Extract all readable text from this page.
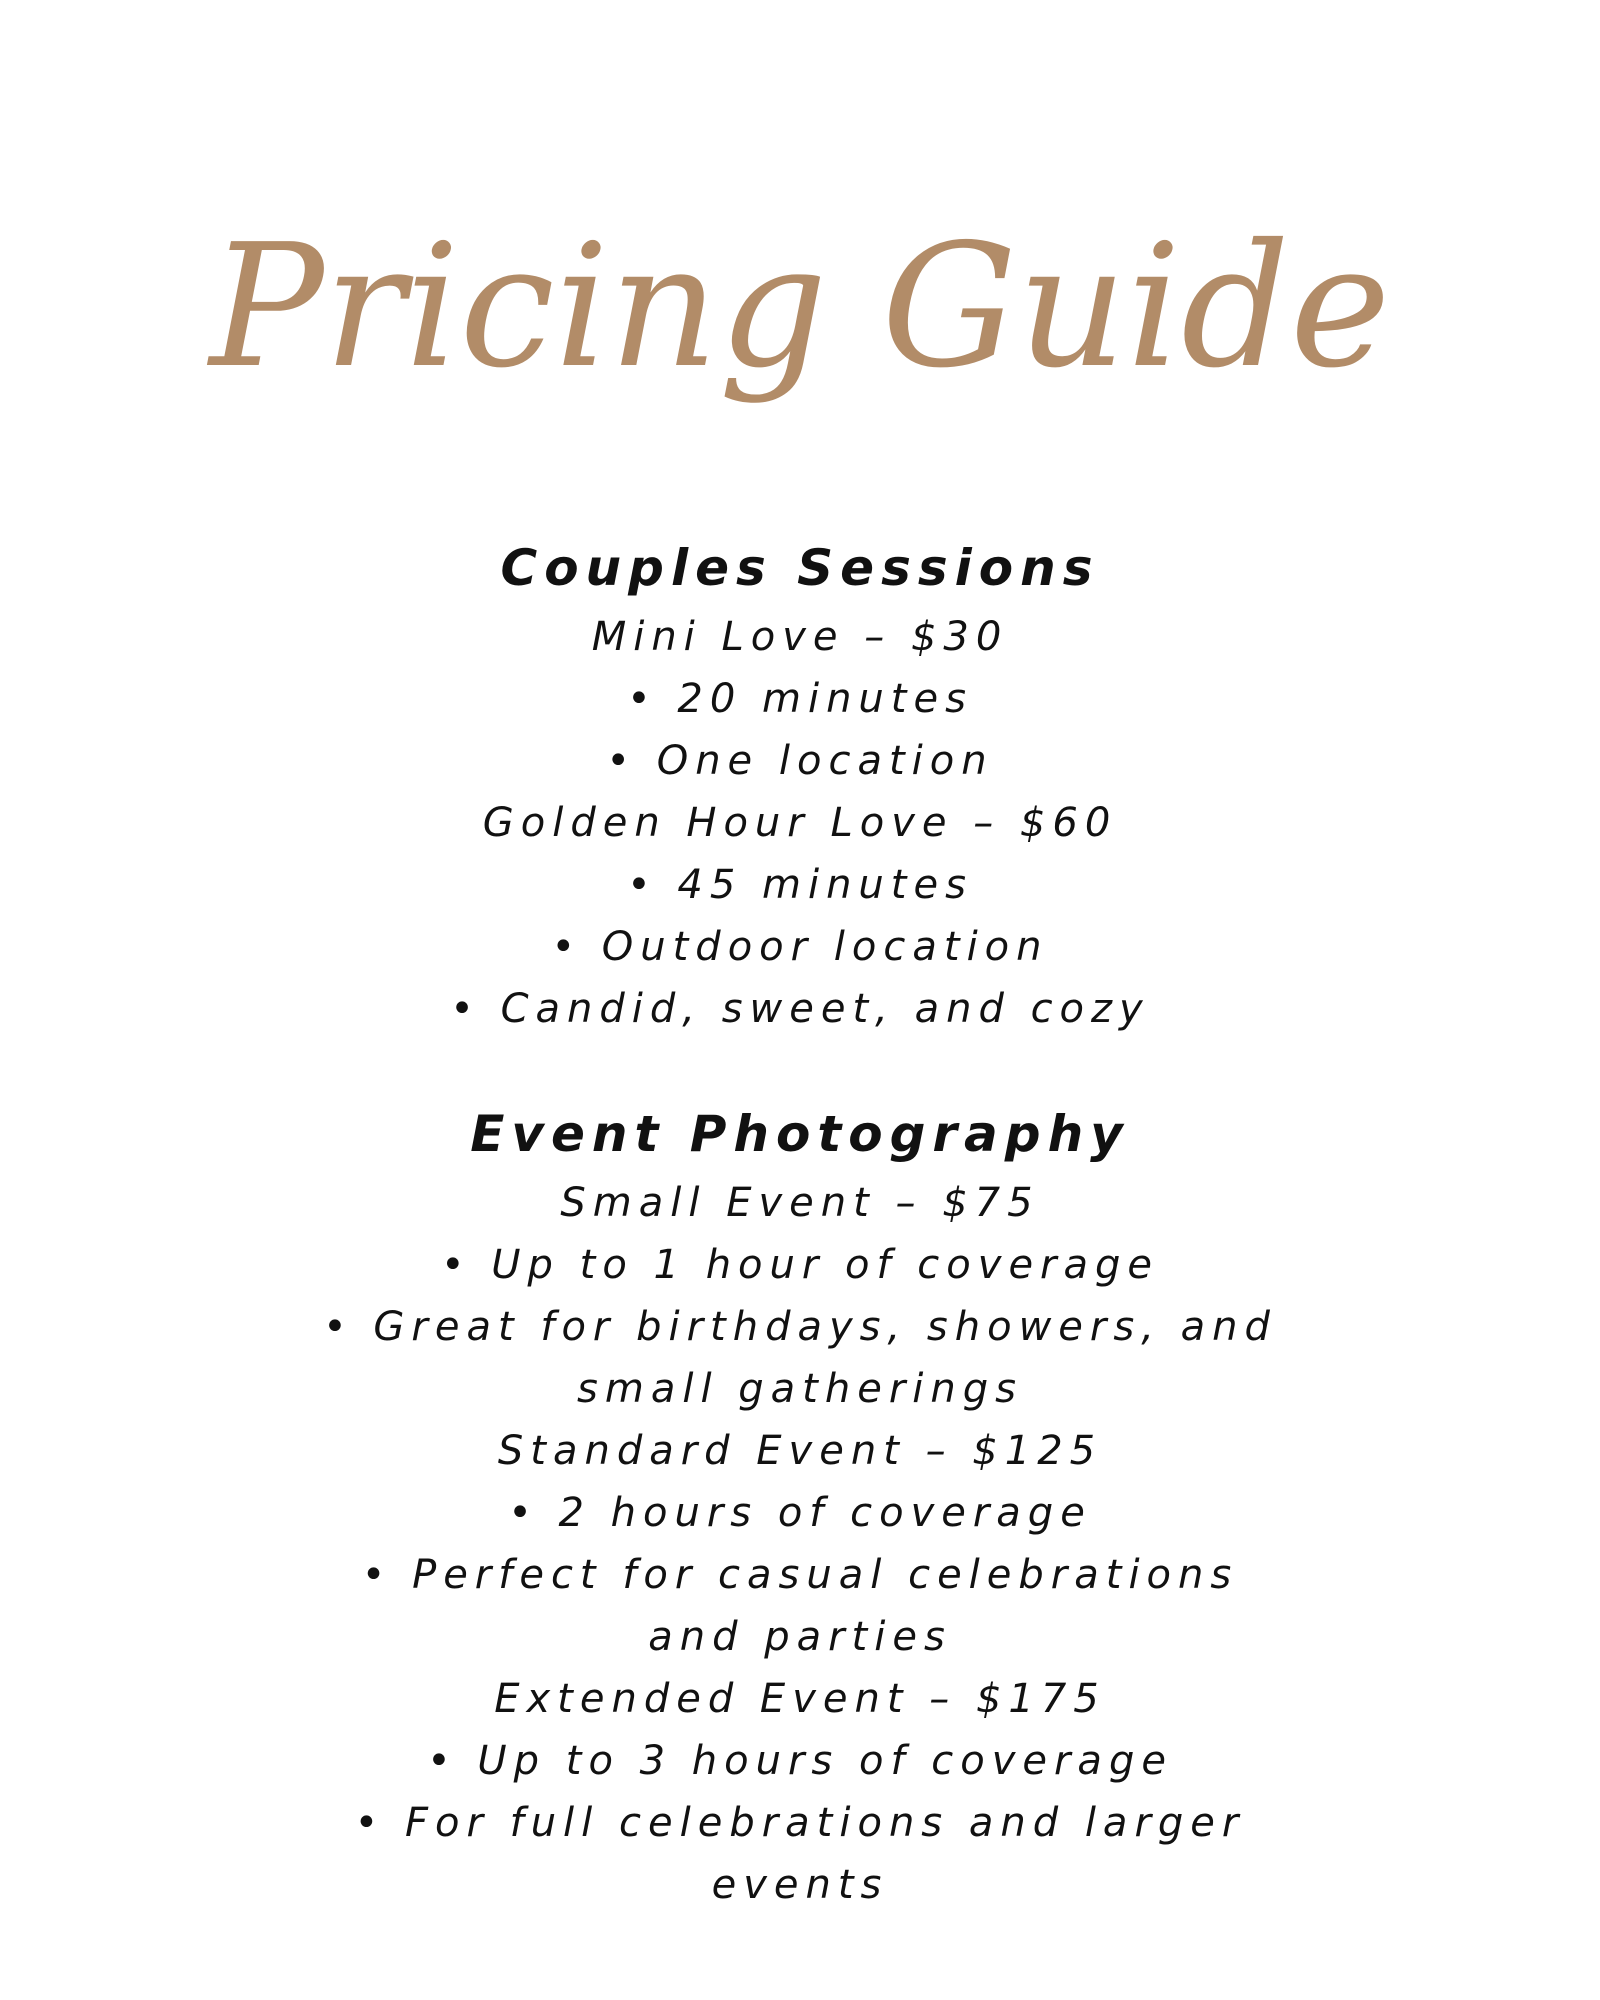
Pricing Guide
Couples Sessions

Mini Love – $30

• 20 minutes

• One location

Golden Hour Love – $60

• 45 minutes

• Outdoor location

• Candid, sweet, and cozy

Event Photography

Small Event – $75

• Up to 1 hour of coverage

• Great for birthdays, showers, and small gatherings

Standard Event – $125

• 2 hours of coverage

• Perfect for casual celebrations and parties

Extended Event – $175

• Up to 3 hours of coverage

• For full celebrations and larger events
